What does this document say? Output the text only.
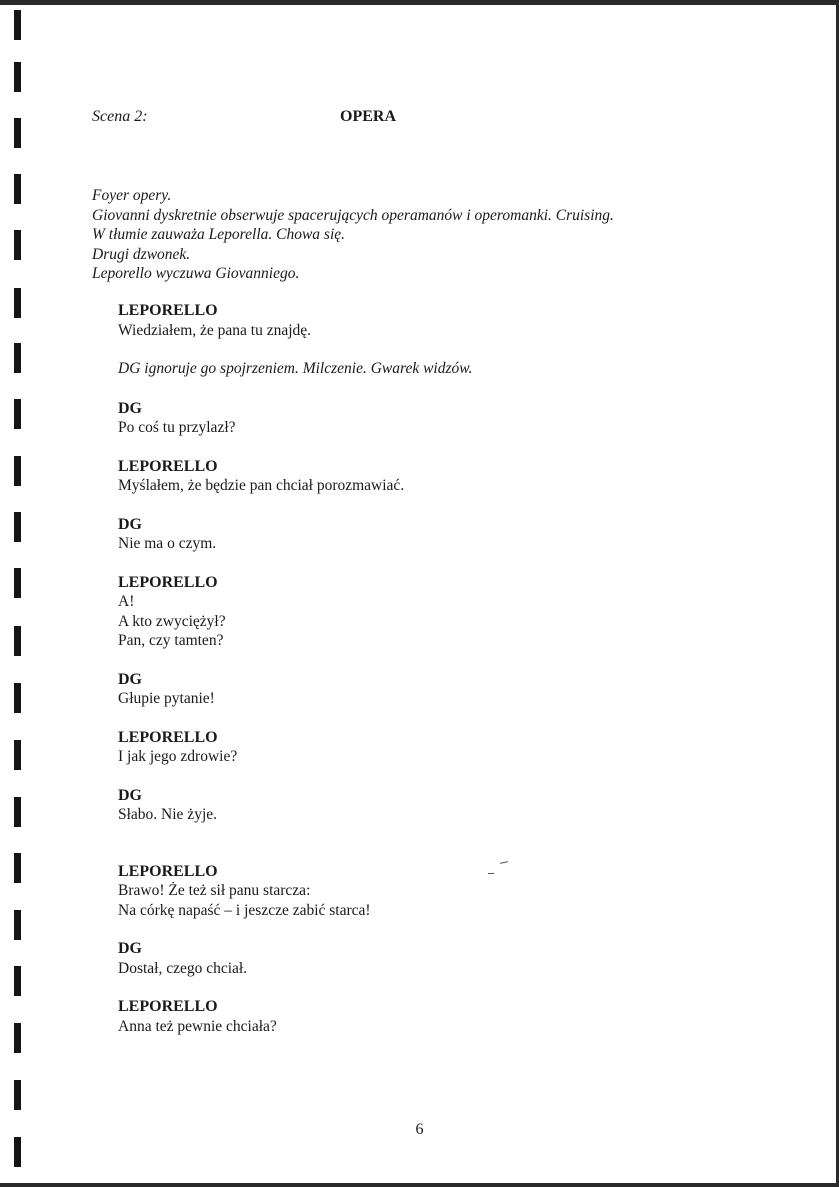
Scena 2:	OPERA
Foyer opery.
Giovanni dyskretnie obserwuje spacerujących operamanów i operomanki. Cruising.
W tłumie zauważa Leporella. Chowa się.
Drugi dzwonek.
Leporello wyczuwa Giovanniego.
LEPORELLO
Wiedziałem, że pana tu znajdę.
DG ignoruje go spojrzeniem. Milczenie. Gwarek widzów.
DG
Po coś tu przylazł?
LEPORELLO
Myślałem, że będzie pan chciał porozmawiać.
DG
Nie ma o czym.
LEPORELLO
A!
A kto zwyciężył?
Pan, czy tamten?
DG
Głupie pytanie!
LEPORELLO
I jak jego zdrowie?
DG
Słabo. Nie żyje.
LEPORELLO
Brawo! Że też sił panu starcza:
Na córkę napaść – i jeszcze zabić starca!
DG
Dostał, czego chciał.
LEPORELLO
Anna też pewnie chciała?
6
